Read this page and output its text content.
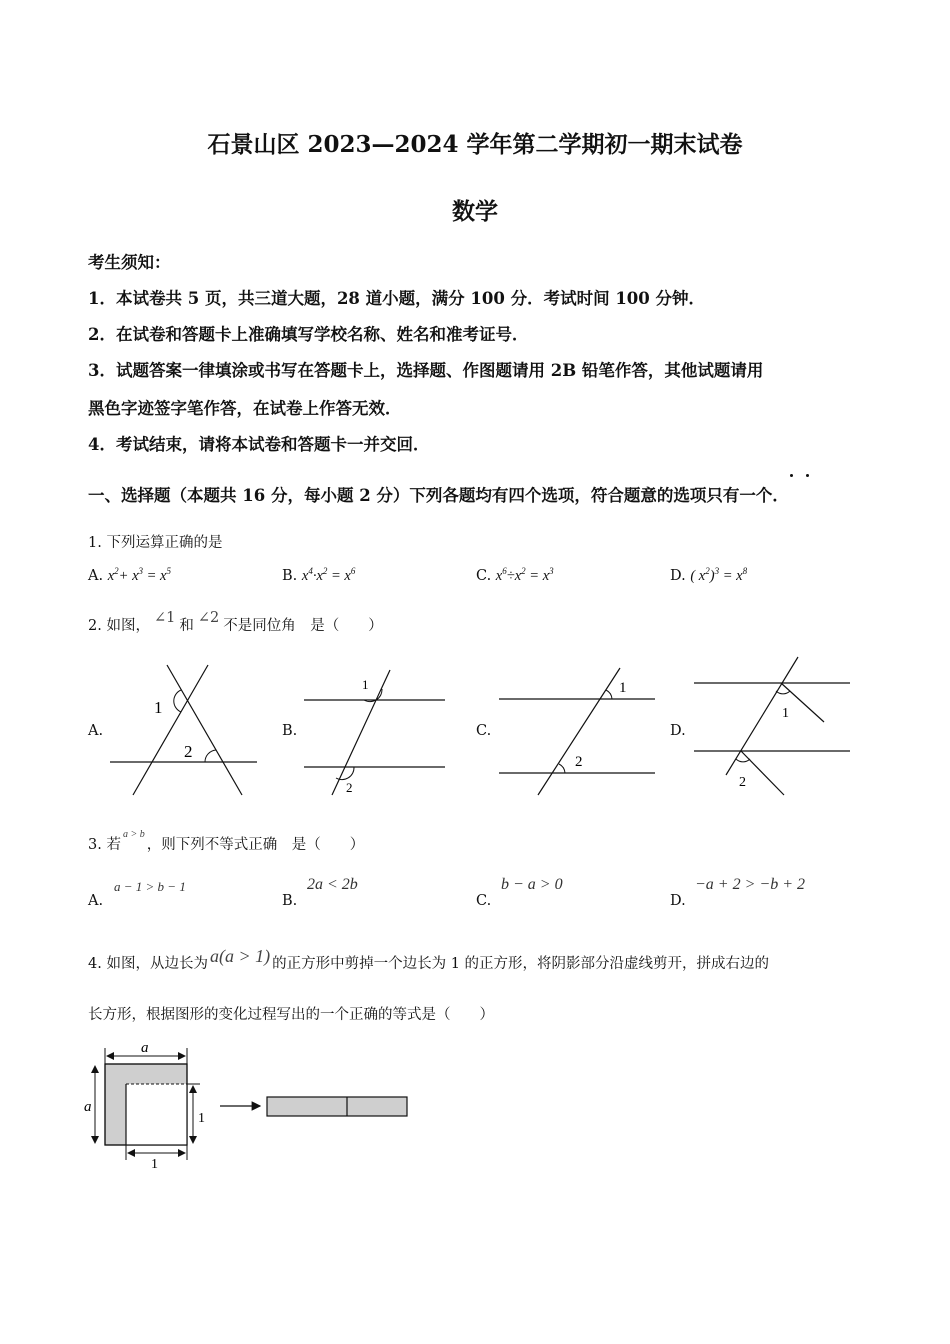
石景山区 2023—2024 学年第二学期初一期末试卷
数学
考生须知：
1．本试卷共 5 页，共三道大题，28 道小题，满分 100 分．考试时间 100 分钟．
2．在试卷和答题卡上准确填写学校名称、姓名和准考证号．
3．试题答案一律填涂或书写在答题卡上，选择题、作图题请用 2B 铅笔作答，其他试题请用
黑色字迹签字笔作答，在试卷上作答无效．
4．考试结束，请将本试卷和答题卡一并交回．
一、选择题（本题共 16 分，每小题 2 分）下列各题均有四个选项，符合题意的选项只有一个．
1. 下列运算正确的是
A. $x^2+ x^3 = x^5$	B. $x^4\cdot x^2 = x^6$	C. $x^6\div x^2 = x^3$	D. ( $x^2)^3 = x^8$
2. 如图， ∠1 和 ∠2 不是同位角　是（　　）
A.	B.	C.	D.
1
2
1
2
1
2
1
2
3. 若$^{a > b}$，则下列不等式正确　是（　　）
A.
a − 1 > b − 1
B.
2a < 2b
C.
b − a > 0
D.
−a + 2 > −b + 2
4. 如图，从边长为 a(a > 1) 的正方形中剪掉一个边长为 1 的正方形，将阴影部分沿虚线剪开，拼成右边的
长方形，根据图形的变化过程写出的一个正确的等式是（　　）
a
a
1
1
